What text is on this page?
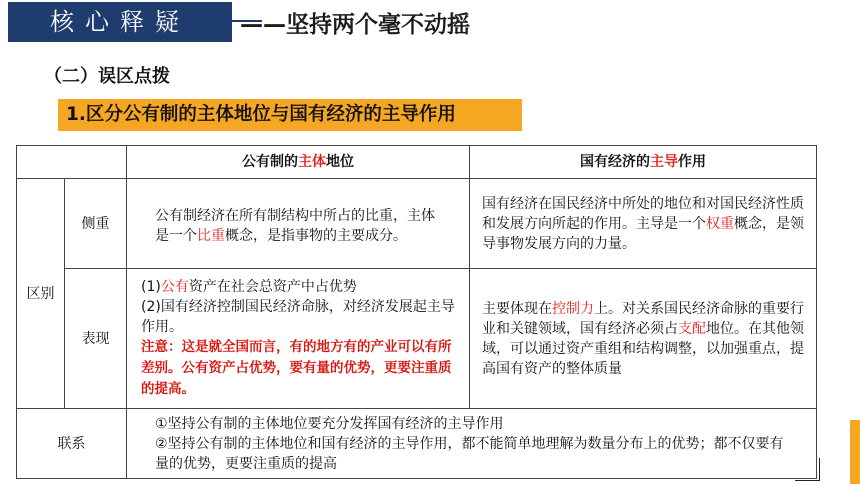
核心释疑	——坚持两个毫不动摇
（二）误区点拨
1.区分公有制的主体地位与国有经济的主导作用
		公有制的主体地位	国有经济的主导作用
区别	侧重	公有制经济在所有制结构中所占的比重，主体是一个比重概念，是指事物的主要成分。	国有经济在国民经济中所处的地位和对国民经济性质和发展方向所起的作用。主导是一个权重概念，是领导事物发展方向的力量。
	表现	(1)公有资产在社会总资产中占优势
(2)国有经济控制国民经济命脉，对经济发展起主导作用。
注意：这是就全国而言，有的地方有的产业可以有所差别。公有资产占优势，要有量的优势，更要注重质的提高。	主要体现在控制力上。对关系国民经济命脉的重要行业和关键领域，国有经济必须占支配地位。在其他领域，可以通过资产重组和结构调整，以加强重点，提高国有资产的整体质量
联系		①坚持公有制的主体地位要充分发挥国有经济的主导作用
②坚持公有制的主体地位和国有经济的主导作用，都不能简单地理解为数量分布上的优势；都不仅要有量的优势，更要注重质的提高	
